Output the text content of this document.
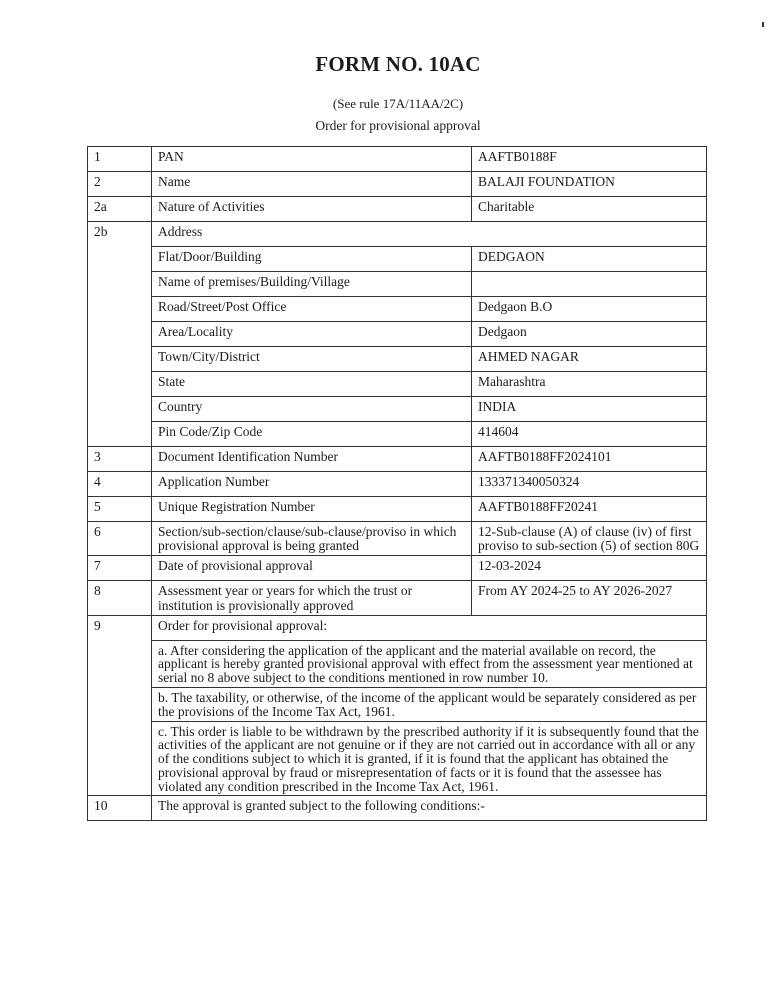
FORM NO. 10AC
(See rule 17A/11AA/2C)
Order for provisional approval
1	PAN	AAFTB0188F
2	Name	BALAJI FOUNDATION
2a	Nature of Activities	Charitable
2b	Address	
	Flat/Door/Building	DEDGAON
	Name of premises/Building/Village	
	Road/Street/Post Office	Dedgaon B.O
	Area/Locality	Dedgaon
	Town/City/District	AHMED NAGAR
	State	Maharashtra
	Country	INDIA
	Pin Code/Zip Code	414604
3	Document Identification Number	AAFTB0188FF2024101
4	Application Number	133371340050324
5	Unique Registration Number	AAFTB0188FF20241
6	Section/sub-section/clause/sub-clause/proviso in which provisional approval is being granted	12-Sub-clause (A) of clause (iv) of first proviso to sub-section (5) of section 80G
7	Date of provisional approval	12-03-2024
8	Assessment year or years for which the trust or institution is provisionally approved	From AY 2024-25 to AY 2026-2027
9	Order for provisional approval:	
	a. After considering the application of the applicant and the material available on record, the applicant is hereby granted provisional approval with effect from the assessment year mentioned at serial no 8 above subject to the conditions mentioned in row number 10.	
	b. The taxability, or otherwise, of the income of the applicant would be separately considered as per the provisions of the Income Tax Act, 1961.	
	c. This order is liable to be withdrawn by the prescribed authority if it is subsequently found that the activities of the applicant are not genuine or if they are not carried out in accordance with all or any of the conditions subject to which it is granted, if it is found that the applicant has obtained the provisional approval by fraud or misrepresentation of facts or it is found that the assessee has violated any condition prescribed in the Income Tax Act, 1961.	
10	The approval is granted subject to the following conditions:-	
